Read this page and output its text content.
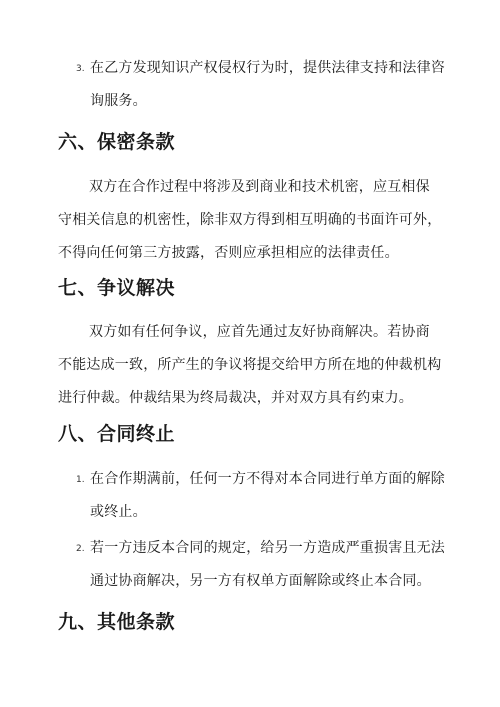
3. 在乙方发现知识产权侵权行为时，提供法律支持和法律咨询服务。
六、保密条款
双方在合作过程中将涉及到商业和技术机密，应互相保守相关信息的机密性，除非双方得到相互明确的书面许可外，不得向任何第三方披露，否则应承担相应的法律责任。
七、争议解决
双方如有任何争议，应首先通过友好协商解决。若协商不能达成一致，所产生的争议将提交给甲方所在地的仲裁机构进行仲裁。仲裁结果为终局裁决，并对双方具有约束力。
八、合同终止
1. 在合作期满前，任何一方不得对本合同进行单方面的解除或终止。
2. 若一方违反本合同的规定，给另一方造成严重损害且无法通过协商解决，另一方有权单方面解除或终止本合同。
九、其他条款
